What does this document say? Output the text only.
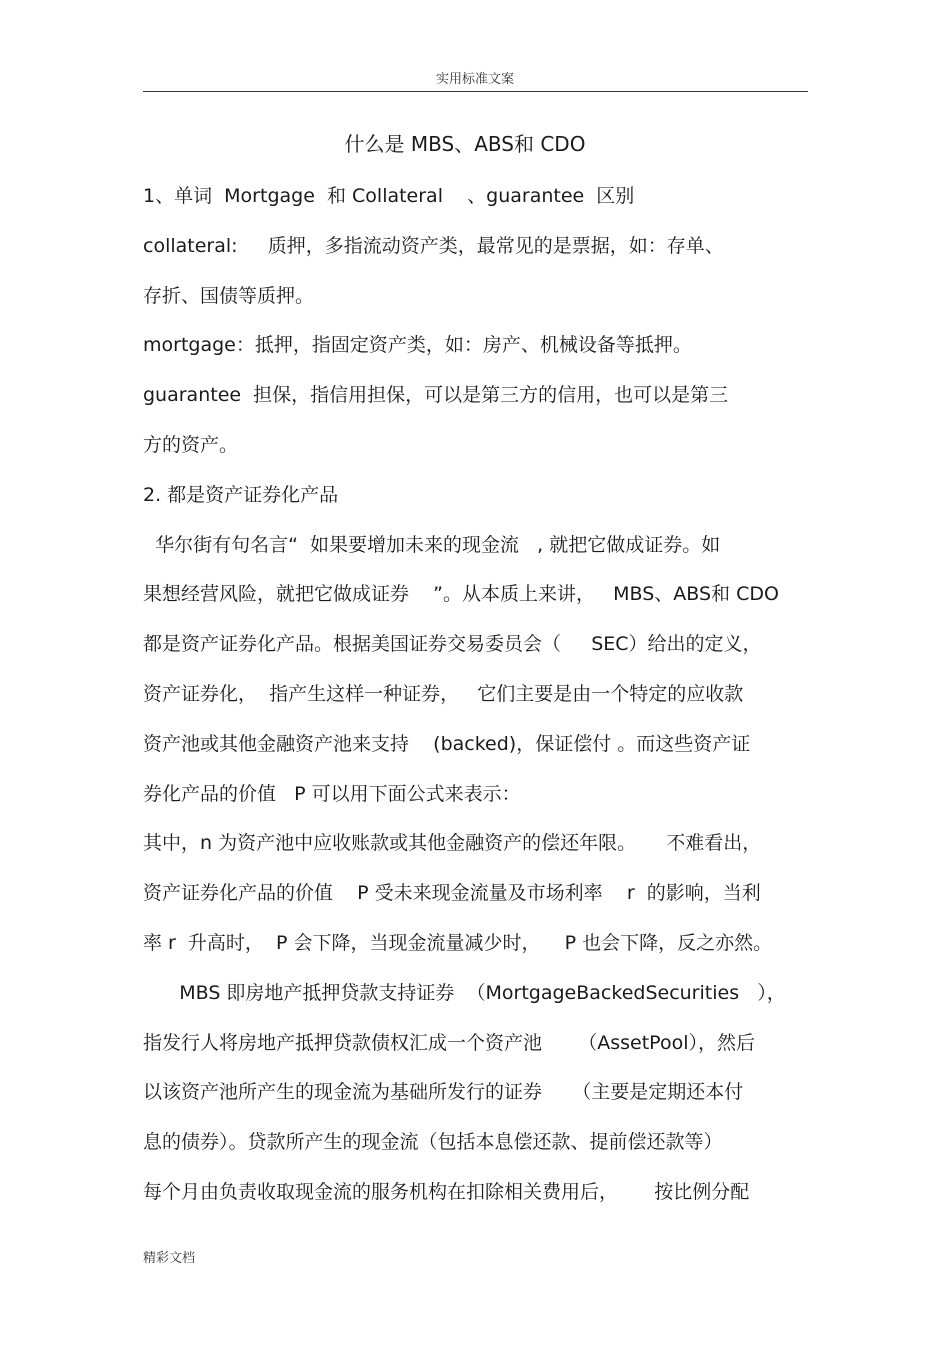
实用标准文案
什么是 MBS、ABS和 CDO
1、单词  Mortgage  和 Collateral    、guarantee  区别
collateral:     质押，多指流动资产类，最常见的是票据，如：存单、
存折、国债等质押。
mortgage：抵押，指固定资产类，如：房产、机械设备等抵押。
guarantee  担保，指信用担保，可以是第三方的信用，也可以是第三
方的资产。
2. 都是资产证券化产品
华尔街有句名言“  如果要增加未来的现金流   , 就把它做成证券。如
果想经营风险，就把它做成证券    ”。从本质上来讲，   MBS、ABS和 CDO
都是资产证券化产品。根据美国证券交易委员会（     SEC）给出的定义，
资产证券化，  指产生这样一种证券，   它们主要是由一个特定的应收款
资产池或其他金融资产池来支持    (backed)，保证偿付 。而这些资产证
券化产品的价值   P 可以用下面公式来表示：
其中，n 为资产池中应收账款或其他金融资产的偿还年限。     不难看出，
资产证券化产品的价值    P 受未来现金流量及市场利率    r  的影响，当利
率 r  升高时，  P 会下降，当现金流量减少时，    P 也会下降，反之亦然。
MBS 即房地产抵押贷款支持证券  （MortgageBackedSecurities   ），
指发行人将房地产抵押贷款债权汇成一个资产池      （AssetPool），然后
以该资产池所产生的现金流为基础所发行的证券     （主要是定期还本付
息的债券）。贷款所产生的现金流（包括本息偿还款、提前偿还款等）
每个月由负责收取现金流的服务机构在扣除相关费用后，      按比例分配
精彩文档
